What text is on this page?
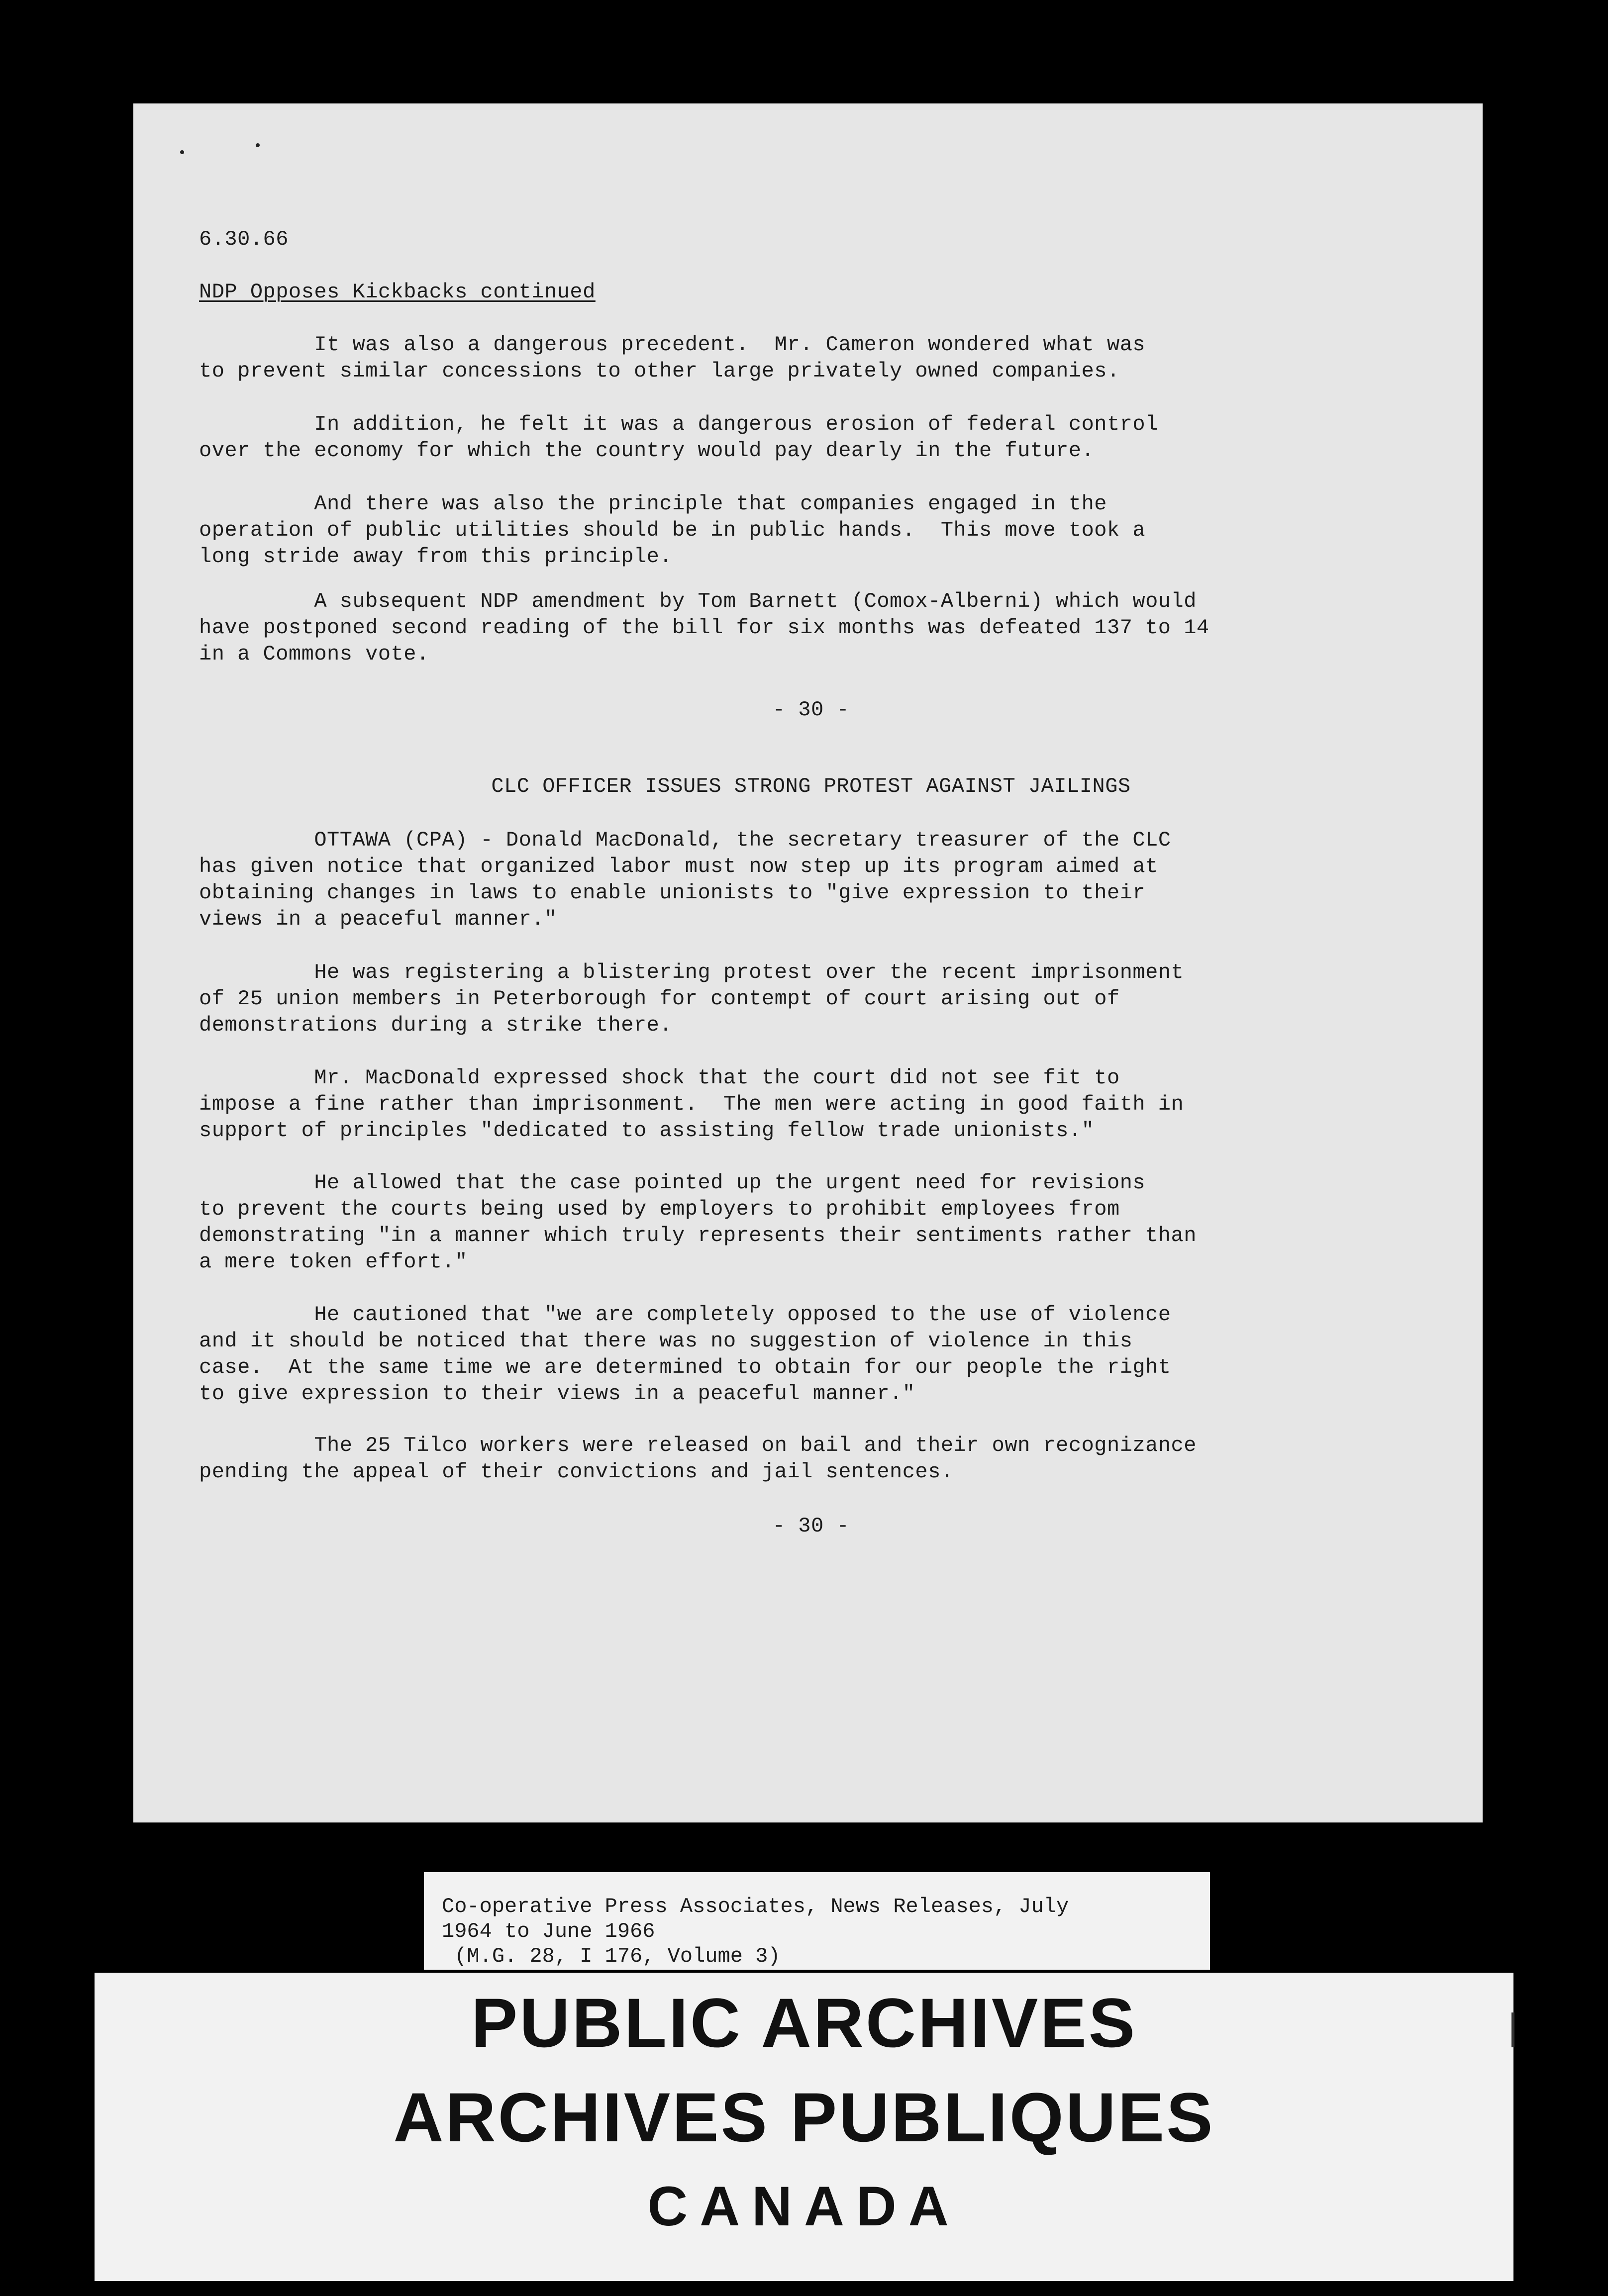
6.30.66

NDP Opposes Kickbacks continued

It was also a dangerous precedent.  Mr. Cameron wondered what was
to prevent similar concessions to other large privately owned companies.

In addition, he felt it was a dangerous erosion of federal control
over the economy for which the country would pay dearly in the future.

And there was also the principle that companies engaged in the
operation of public utilities should be in public hands.  This move took a
long stride away from this principle.

A subsequent NDP amendment by Tom Barnett (Comox-Alberni) which would
have postponed second reading of the bill for six months was defeated 137 to 14
in a Commons vote.

- 30 -

CLC OFFICER ISSUES STRONG PROTEST AGAINST JAILINGS

OTTAWA (CPA) - Donald MacDonald, the secretary treasurer of the CLC
has given notice that organized labor must now step up its program aimed at
obtaining changes in laws to enable unionists to "give expression to their
views in a peaceful manner."

He was registering a blistering protest over the recent imprisonment
of 25 union members in Peterborough for contempt of court arising out of
demonstrations during a strike there.

Mr. MacDonald expressed shock that the court did not see fit to
impose a fine rather than imprisonment.  The men were acting in good faith in
support of principles "dedicated to assisting fellow trade unionists."

He allowed that the case pointed up the urgent need for revisions
to prevent the courts being used by employers to prohibit employees from
demonstrating "in a manner which truly represents their sentiments rather than
a mere token effort."

He cautioned that "we are completely opposed to the use of violence
and it should be noticed that there was no suggestion of violence in this
case.  At the same time we are determined to obtain for our people the right
to give expression to their views in a peaceful manner."

The 25 Tilco workers were released on bail and their own recognizance
pending the appeal of their convictions and jail sentences.

- 30 -

Co-operative Press Associates, News Releases, July
1964 to June 1966
(M.G. 28, I 176, Volume 3)

PUBLIC ARCHIVES

ARCHIVES PUBLIQUES

CANADA
